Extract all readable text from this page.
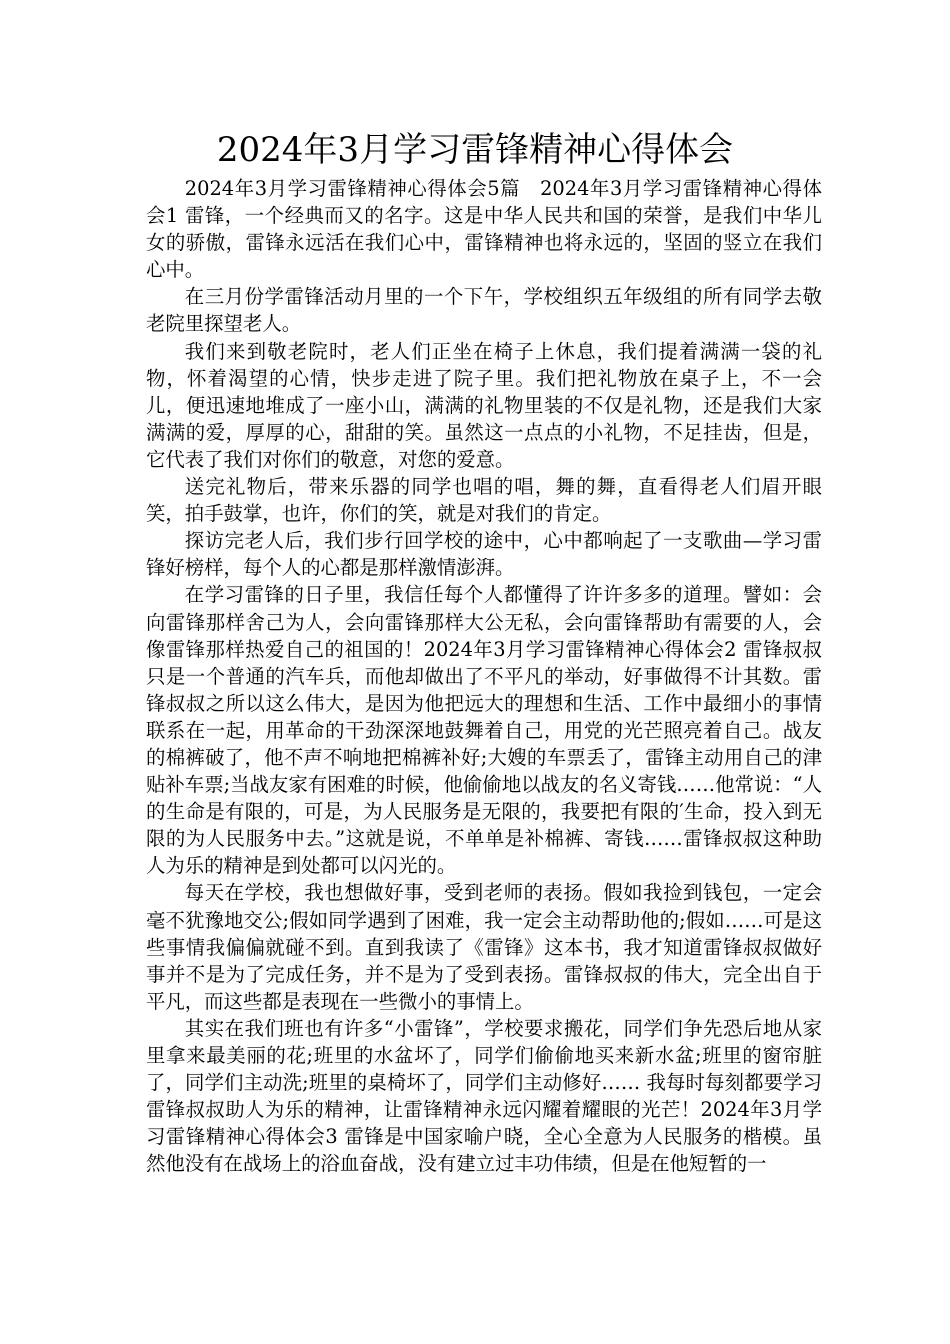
2024年3月学习雷锋精神心得体会

2024年3月学习雷锋精神心得体会5篇　2024年3月学习雷锋精神心得体会1 雷锋，一个经典而又的名字。这是中华人民共和国的荣誉，是我们中华儿女的骄傲，雷锋永远活在我们心中，雷锋精神也将永远的，坚固的竖立在我们心中。

在三月份学雷锋活动月里的一个下午，学校组织五年级组的所有同学去敬老院里探望老人。

我们来到敬老院时，老人们正坐在椅子上休息，我们提着满满一袋的礼物，怀着渴望的心情，快步走进了院子里。我们把礼物放在桌子上，不一会儿，便迅速地堆成了一座小山，满满的礼物里装的不仅是礼物，还是我们大家满满的爱，厚厚的心，甜甜的笑。虽然这一点点的小礼物，不足挂齿，但是，它代表了我们对你们的敬意，对您的爱意。

送完礼物后，带来乐器的同学也唱的唱，舞的舞，直看得老人们眉开眼笑，拍手鼓掌，也许，你们的笑，就是对我们的肯定。

探访完老人后，我们步行回学校的途中，心中都响起了一支歌曲—学习雷锋好榜样，每个人的心都是那样激情澎湃。

在学习雷锋的日子里，我信任每个人都懂得了许许多多的道理。譬如：会向雷锋那样舍己为人，会向雷锋那样大公无私，会向雷锋帮助有需要的人，会像雷锋那样热爱自己的祖国的！2024年3月学习雷锋精神心得体会2 雷锋叔叔只是一个普通的汽车兵，而他却做出了不平凡的举动，好事做得不计其数。雷锋叔叔之所以这么伟大，是因为他把远大的理想和生活、工作中最细小的事情联系在一起，用革命的干劲深深地鼓舞着自己，用党的光芒照亮着自己。战友的棉裤破了，他不声不响地把棉裤补好;大嫂的车票丢了，雷锋主动用自己的津贴补车票;当战友家有困难的时候，他偷偷地以战友的名义寄钱……他常说：“人的生命是有限的，可是，为人民服务是无限的，我要把有限的′生命，投入到无限的为人民服务中去。”这就是说，不单单是补棉裤、寄钱……雷锋叔叔这种助人为乐的精神是到处都可以闪光的。

每天在学校，我也想做好事，受到老师的表扬。假如我捡到钱包，一定会毫不犹豫地交公;假如同学遇到了困难，我一定会主动帮助他的;假如……可是这些事情我偏偏就碰不到。直到我读了《雷锋》这本书，我才知道雷锋叔叔做好事并不是为了完成任务，并不是为了受到表扬。雷锋叔叔的伟大，完全出自于平凡，而这些都是表现在一些微小的事情上。

其实在我们班也有许多“小雷锋”，学校要求搬花，同学们争先恐后地从家里拿来最美丽的花;班里的水盆坏了，同学们偷偷地买来新水盆;班里的窗帘脏了，同学们主动洗;班里的桌椅坏了，同学们主动修好…… 我每时每刻都要学习雷锋叔叔助人为乐的精神，让雷锋精神永远闪耀着耀眼的光芒！2024年3月学习雷锋精神心得体会3 雷锋是中国家喻户晓，全心全意为人民服务的楷模。虽然他没有在战场上的浴血奋战，没有建立过丰功伟绩，但是在他短暂的一
